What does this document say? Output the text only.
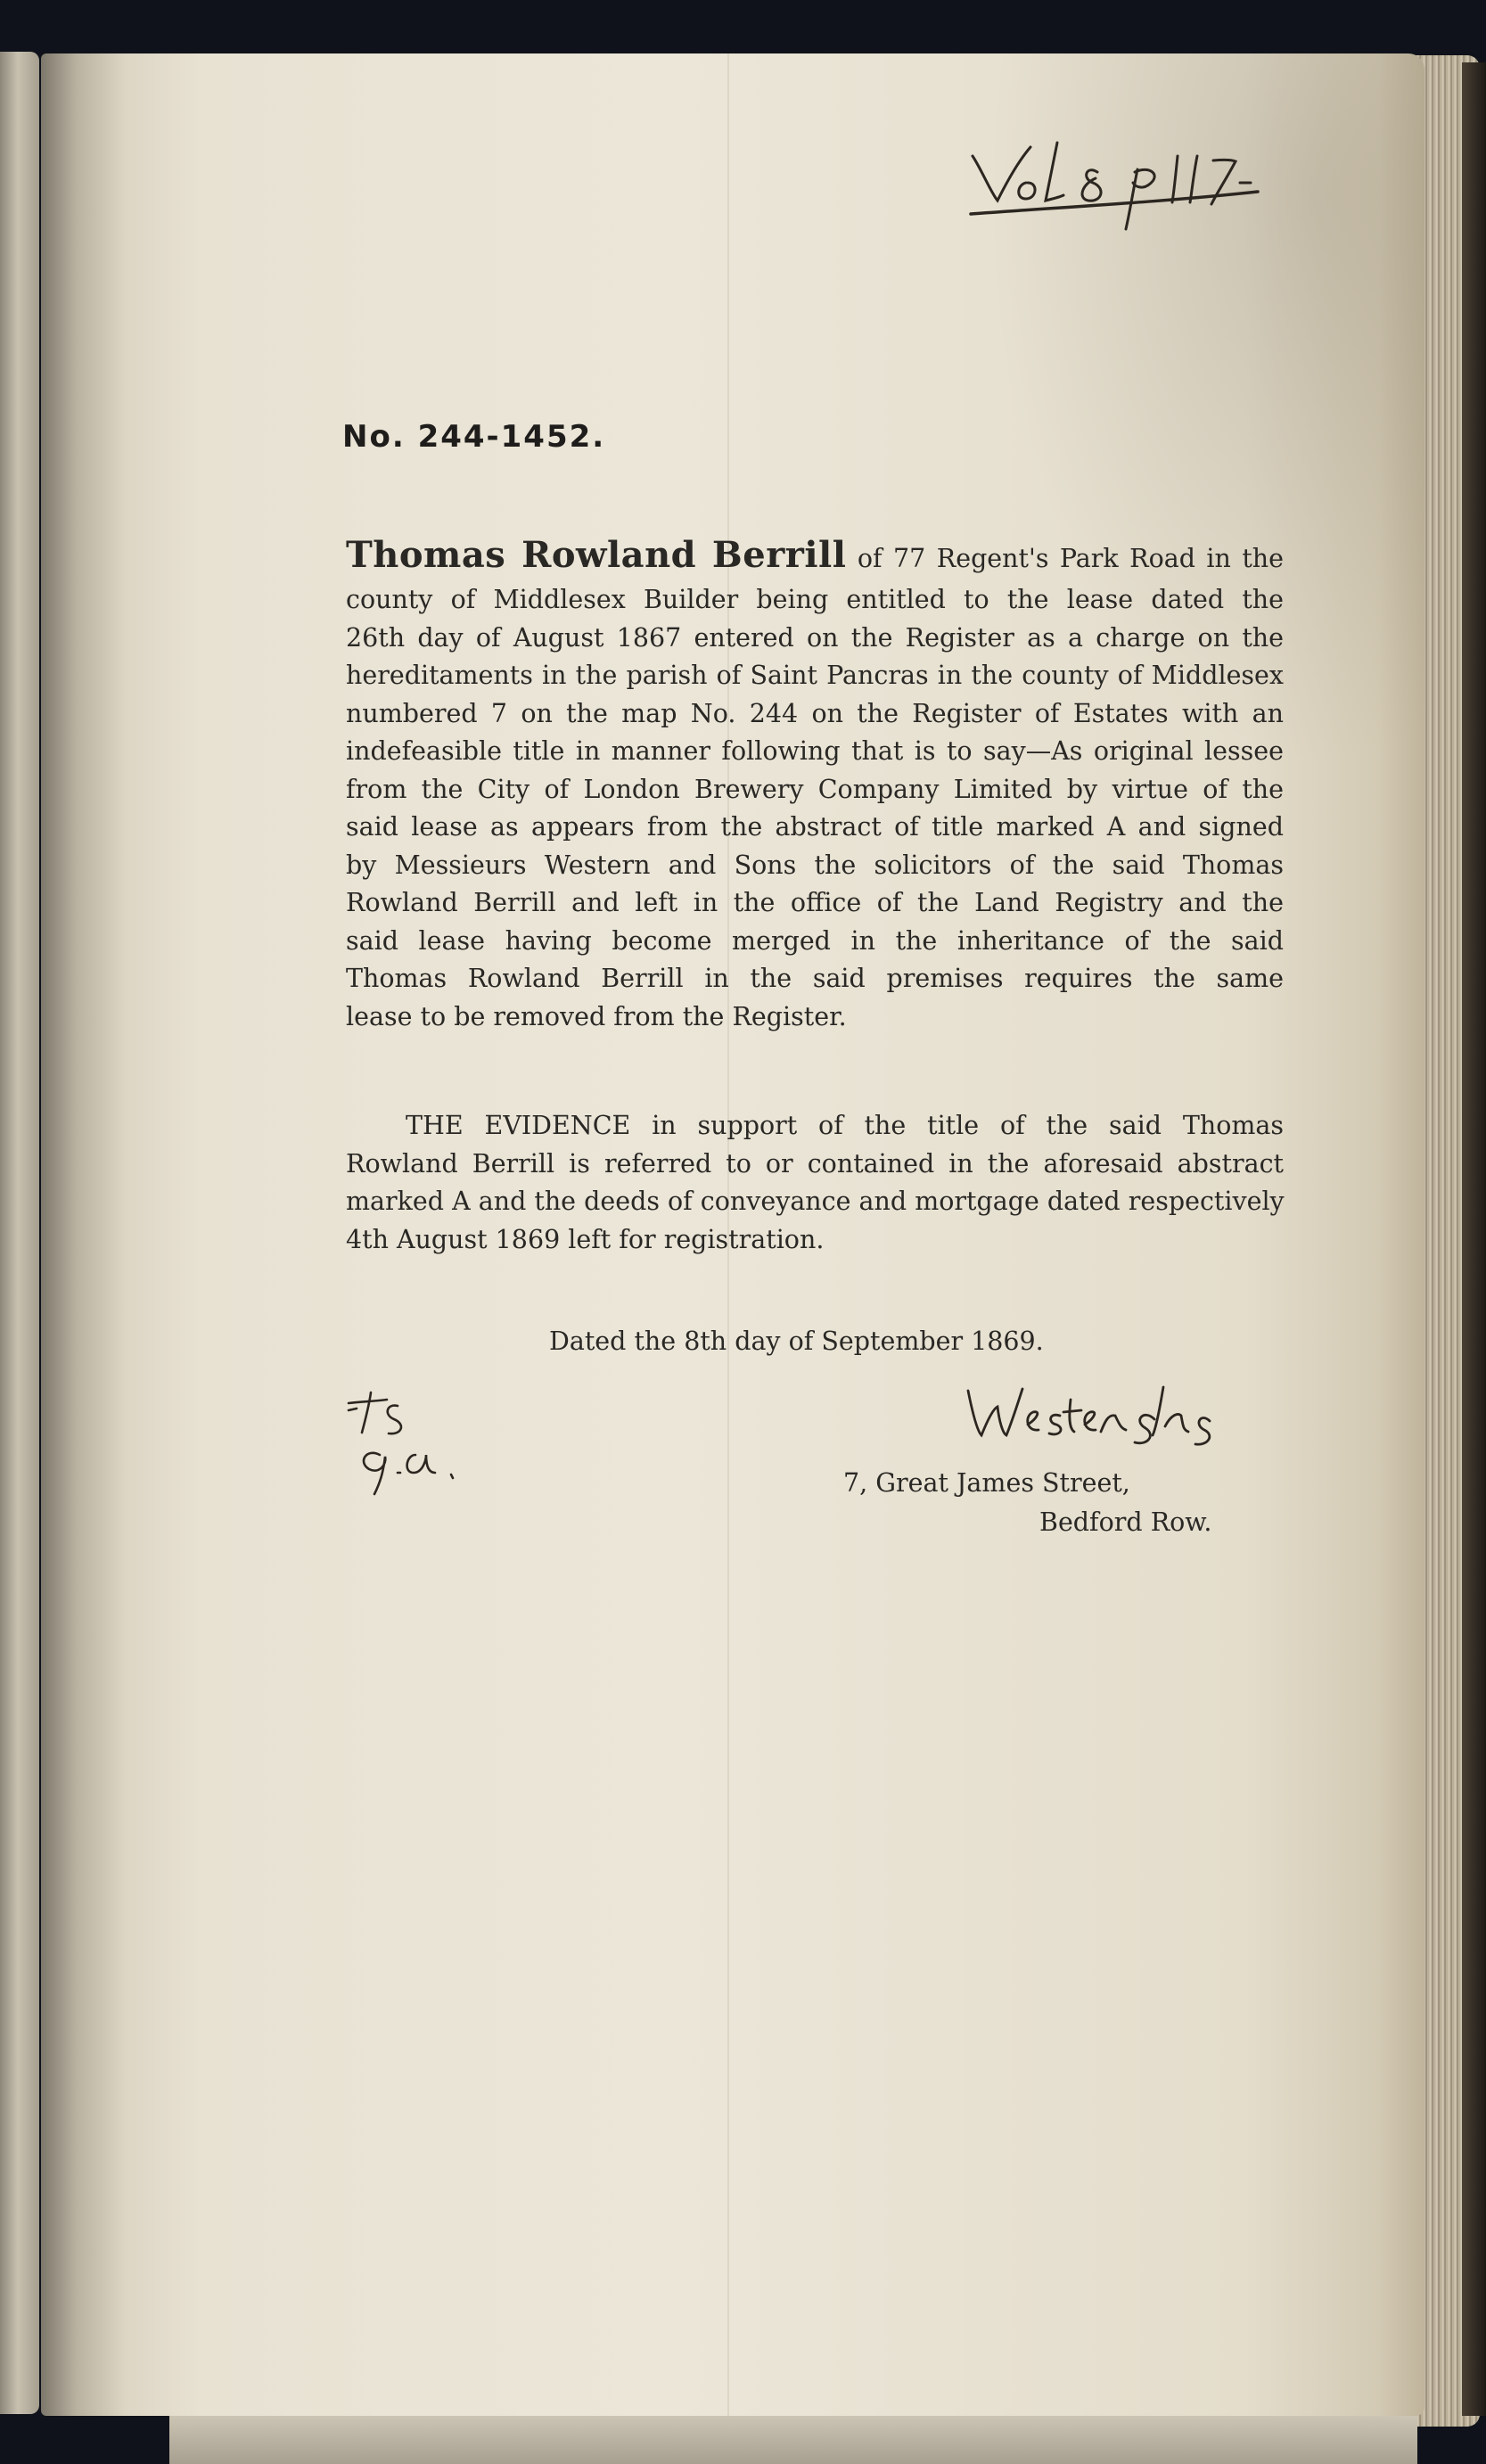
No. 244-1452.

Thomas Rowland Berrill of 77 Regent's Park Road in the
county of Middlesex Builder being entitled to the lease dated the
26th day of August 1867 entered on the Register as a charge on the
hereditaments in the parish of Saint Pancras in the county of Middlesex
numbered 7 on the map No. 244 on the Register of Estates with an
indefeasible title in manner following that is to say—As original lessee
from the City of London Brewery Company Limited by virtue of the
said lease as appears from the abstract of title marked A and signed
by Messieurs Western and Sons the solicitors of the said Thomas
Rowland Berrill and left in the office of the Land Registry and the
said lease having become merged in the inheritance of the said
Thomas Rowland Berrill in the said premises requires the same
lease to be removed from the Register.
THE EVIDENCE in support of the title of the said Thomas
Rowland Berrill is referred to or contained in the aforesaid abstract
marked A and the deeds of conveyance and mortgage dated respectively
4th August 1869 left for registration.

Dated the 8th day of September 1869.

7, Great James Street,
Bedford Row.
